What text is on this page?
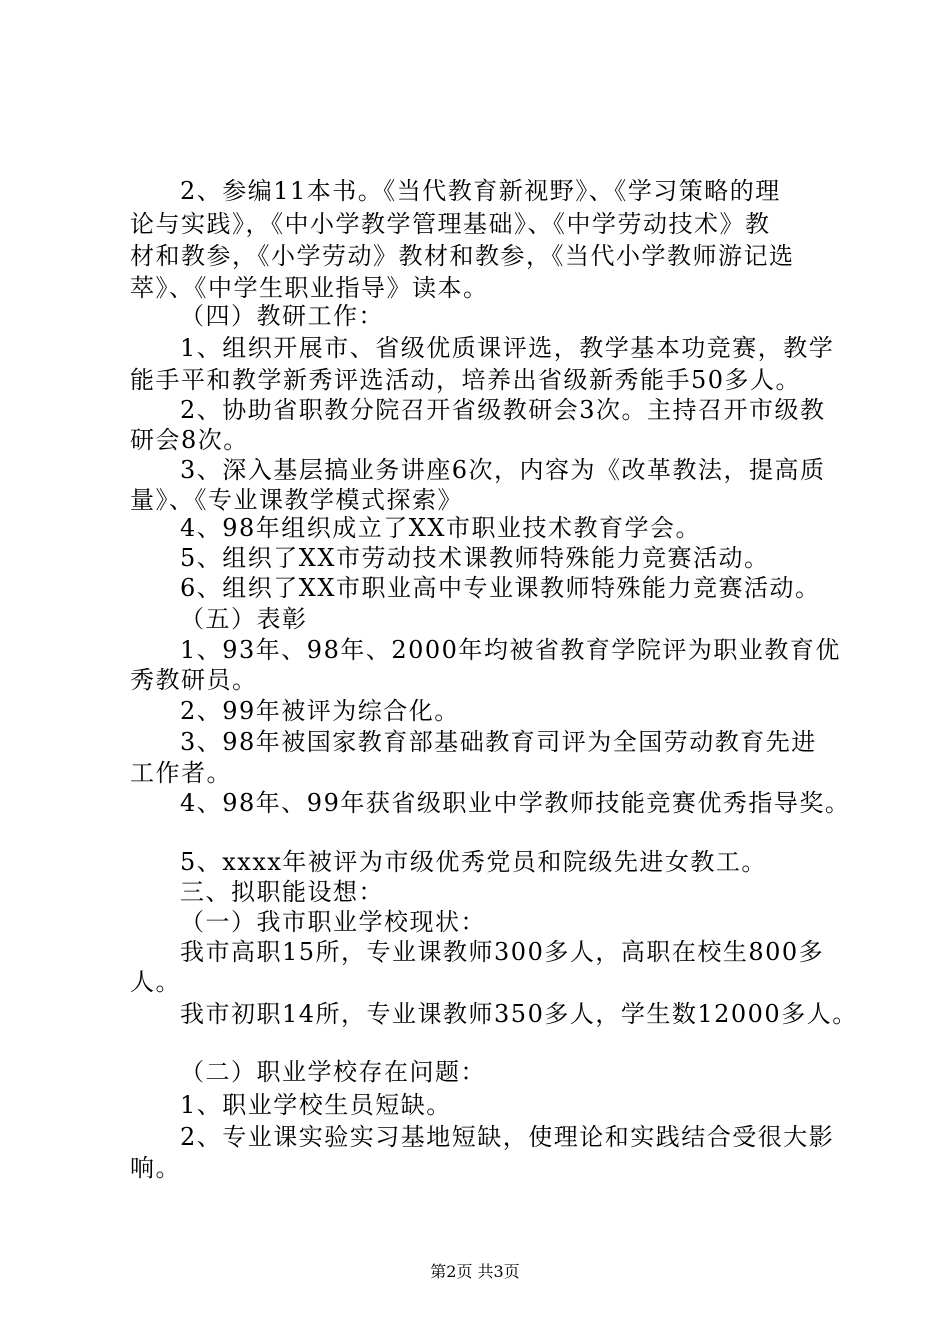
2、参编11本书。《当代教育新视野》、《学习策略的理
论与实践》，《中小学教学管理基础》、《中学劳动技术》教
材和教参，《小学劳动》教材和教参，《当代小学教师游记选
萃》、《中学生职业指导》读本。
（四）教研工作：
1、组织开展市、省级优质课评选，教学基本功竞赛，教学
能手平和教学新秀评选活动，培养出省级新秀能手50多人。
2、协助省职教分院召开省级教研会3次。主持召开市级教
研会8次。
3、深入基层搞业务讲座6次，内容为《改革教法，提高质
量》、《专业课教学模式探索》
4、98年组织成立了XX市职业技术教育学会。
5、组织了XX市劳动技术课教师特殊能力竞赛活动。
6、组织了XX市职业高中专业课教师特殊能力竞赛活动。
（五）表彰
1、93年、98年、2000年均被省教育学院评为职业教育优
秀教研员。
2、99年被评为综合化。
3、98年被国家教育部基础教育司评为全国劳动教育先进
工作者。
4、98年、99年获省级职业中学教师技能竞赛优秀指导奖。
5、xxxx年被评为市级优秀党员和院级先进女教工。
三、拟职能设想：
（一）我市职业学校现状：
我市高职15所，专业课教师300多人，高职在校生800多
人。
我市初职14所，专业课教师350多人，学生数12000多人。
（二）职业学校存在问题：
1、职业学校生员短缺。
2、专业课实验实习基地短缺，使理论和实践结合受很大影
响。
第2页 共3页
